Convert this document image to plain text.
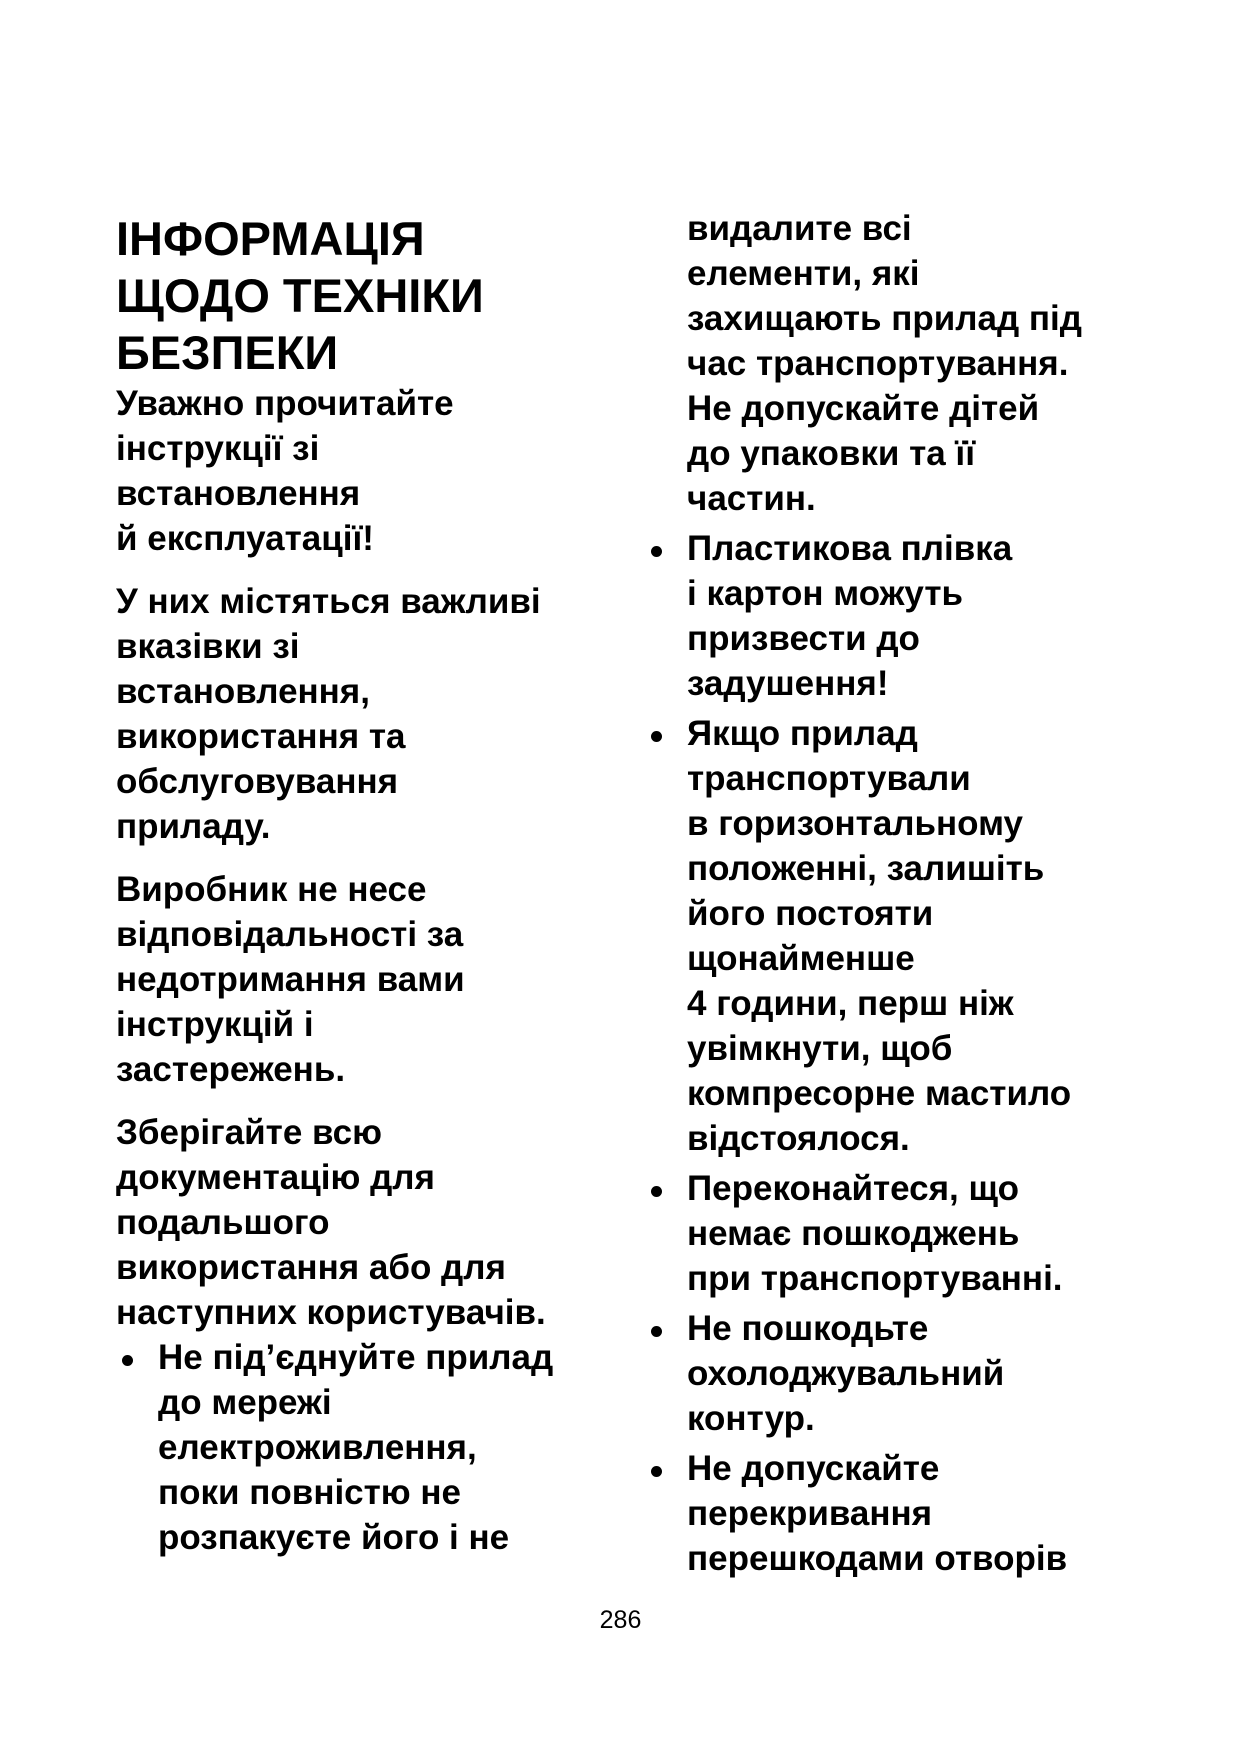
ІНФОРМАЦІЯ
ЩОДО ТЕХНІКИ
БЕЗПЕКИ
Уважно прочитайте
інструкції зі
встановлення
й експлуатації!
У них містяться важливі
вказівки зі
встановлення,
використання та
обслуговування
приладу.
Виробник не несе
відповідальності за
недотримання вами
інструкцій і
застережень.
Зберігайте всю
документацію для
подальшого
використання або для
наступних користувачів.
Не під’єднуйте прилад
до мережі
електроживлення,
поки повністю не
розпакуєте його і не
видалите всі
елементи, які
захищають прилад під
час транспортування.
Не допускайте дітей
до упаковки та її
частин.
Пластикова плівка
і картон можуть
призвести до
задушення!
Якщо прилад
транспортували
в горизонтальному
положенні, залишіть
його постояти
щонайменше
4 години, перш ніж
увімкнути, щоб
компресорне мастило
відстоялося.
Переконайтеся, що
немає пошкоджень
при транспортуванні.
Не пошкодьте
охолоджувальний
контур.
Не допускайте
перекривання
перешкодами отворів
286
